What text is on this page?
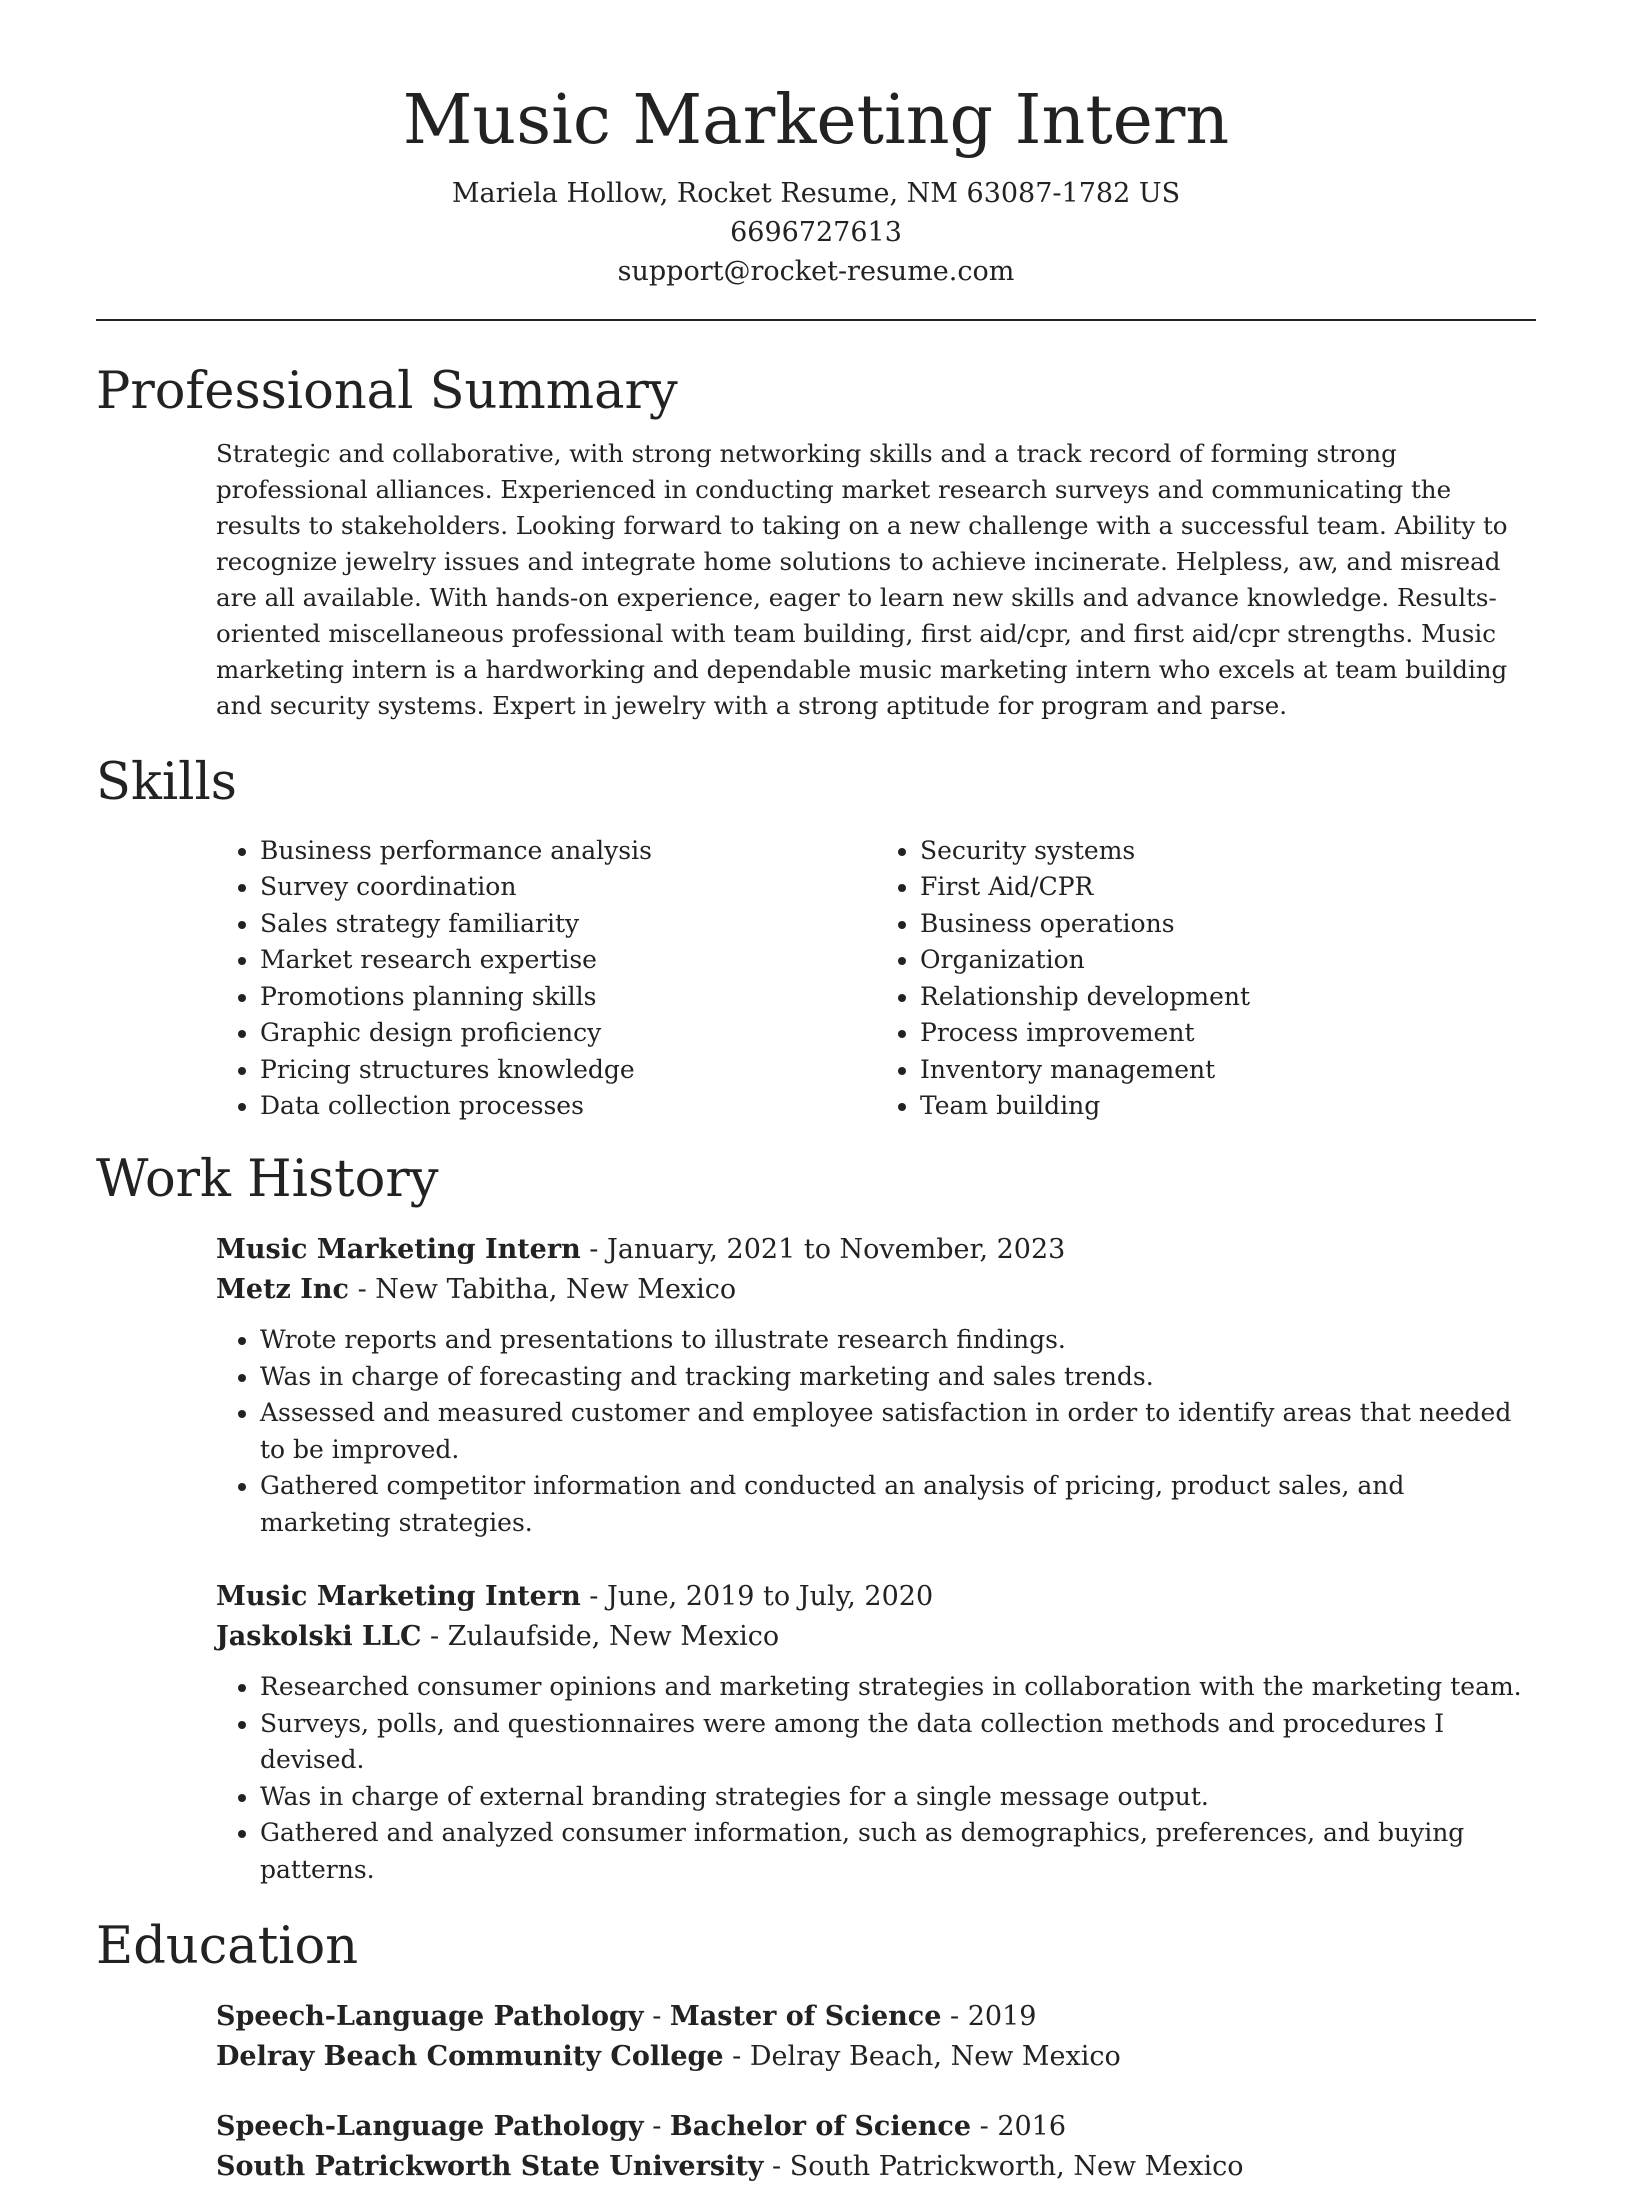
Music Marketing Intern
Mariela Hollow, Rocket Resume, NM 63087-1782 US
6696727613
support@rocket-resume.com
Professional Summary

Strategic and collaborative, with strong networking skills and a track record of forming strong professional alliances. Experienced in conducting market research surveys and communicating the results to stakeholders. Looking forward to taking on a new challenge with a successful team. Ability to recognize jewelry issues and integrate home solutions to achieve incinerate. Helpless, aw, and misread are all available. With hands-on experience, eager to learn new skills and advance knowledge. Results-oriented miscellaneous professional with team building, first aid/cpr, and first aid/cpr strengths. Music marketing intern is a hardworking and dependable music marketing intern who excels at team building and security systems. Expert in jewelry with a strong aptitude for program and parse.

Skills
• Business performance analysis
• Survey coordination
• Sales strategy familiarity
• Market research expertise
• Promotions planning skills
• Graphic design proficiency
• Pricing structures knowledge
• Data collection processes
• Security systems
• First Aid/CPR
• Business operations
• Organization
• Relationship development
• Process improvement
• Inventory management
• Team building
Work History
Music Marketing Intern - January, 2021 to November, 2023
Metz Inc - New Tabitha, New Mexico
• Wrote reports and presentations to illustrate research findings.
• Was in charge of forecasting and tracking marketing and sales trends.
• Assessed and measured customer and employee satisfaction in order to identify areas that needed to be improved.
• Gathered competitor information and conducted an analysis of pricing, product sales, and marketing strategies.
Music Marketing Intern - June, 2019 to July, 2020
Jaskolski LLC - Zulaufside, New Mexico
• Researched consumer opinions and marketing strategies in collaboration with the marketing team.
• Surveys, polls, and questionnaires were among the data collection methods and procedures I devised.
• Was in charge of external branding strategies for a single message output.
• Gathered and analyzed consumer information, such as demographics, preferences, and buying patterns.
Education
Speech-Language Pathology - Master of Science - 2019
Delray Beach Community College - Delray Beach, New Mexico
Speech-Language Pathology - Bachelor of Science - 2016
South Patrickworth State University - South Patrickworth, New Mexico
